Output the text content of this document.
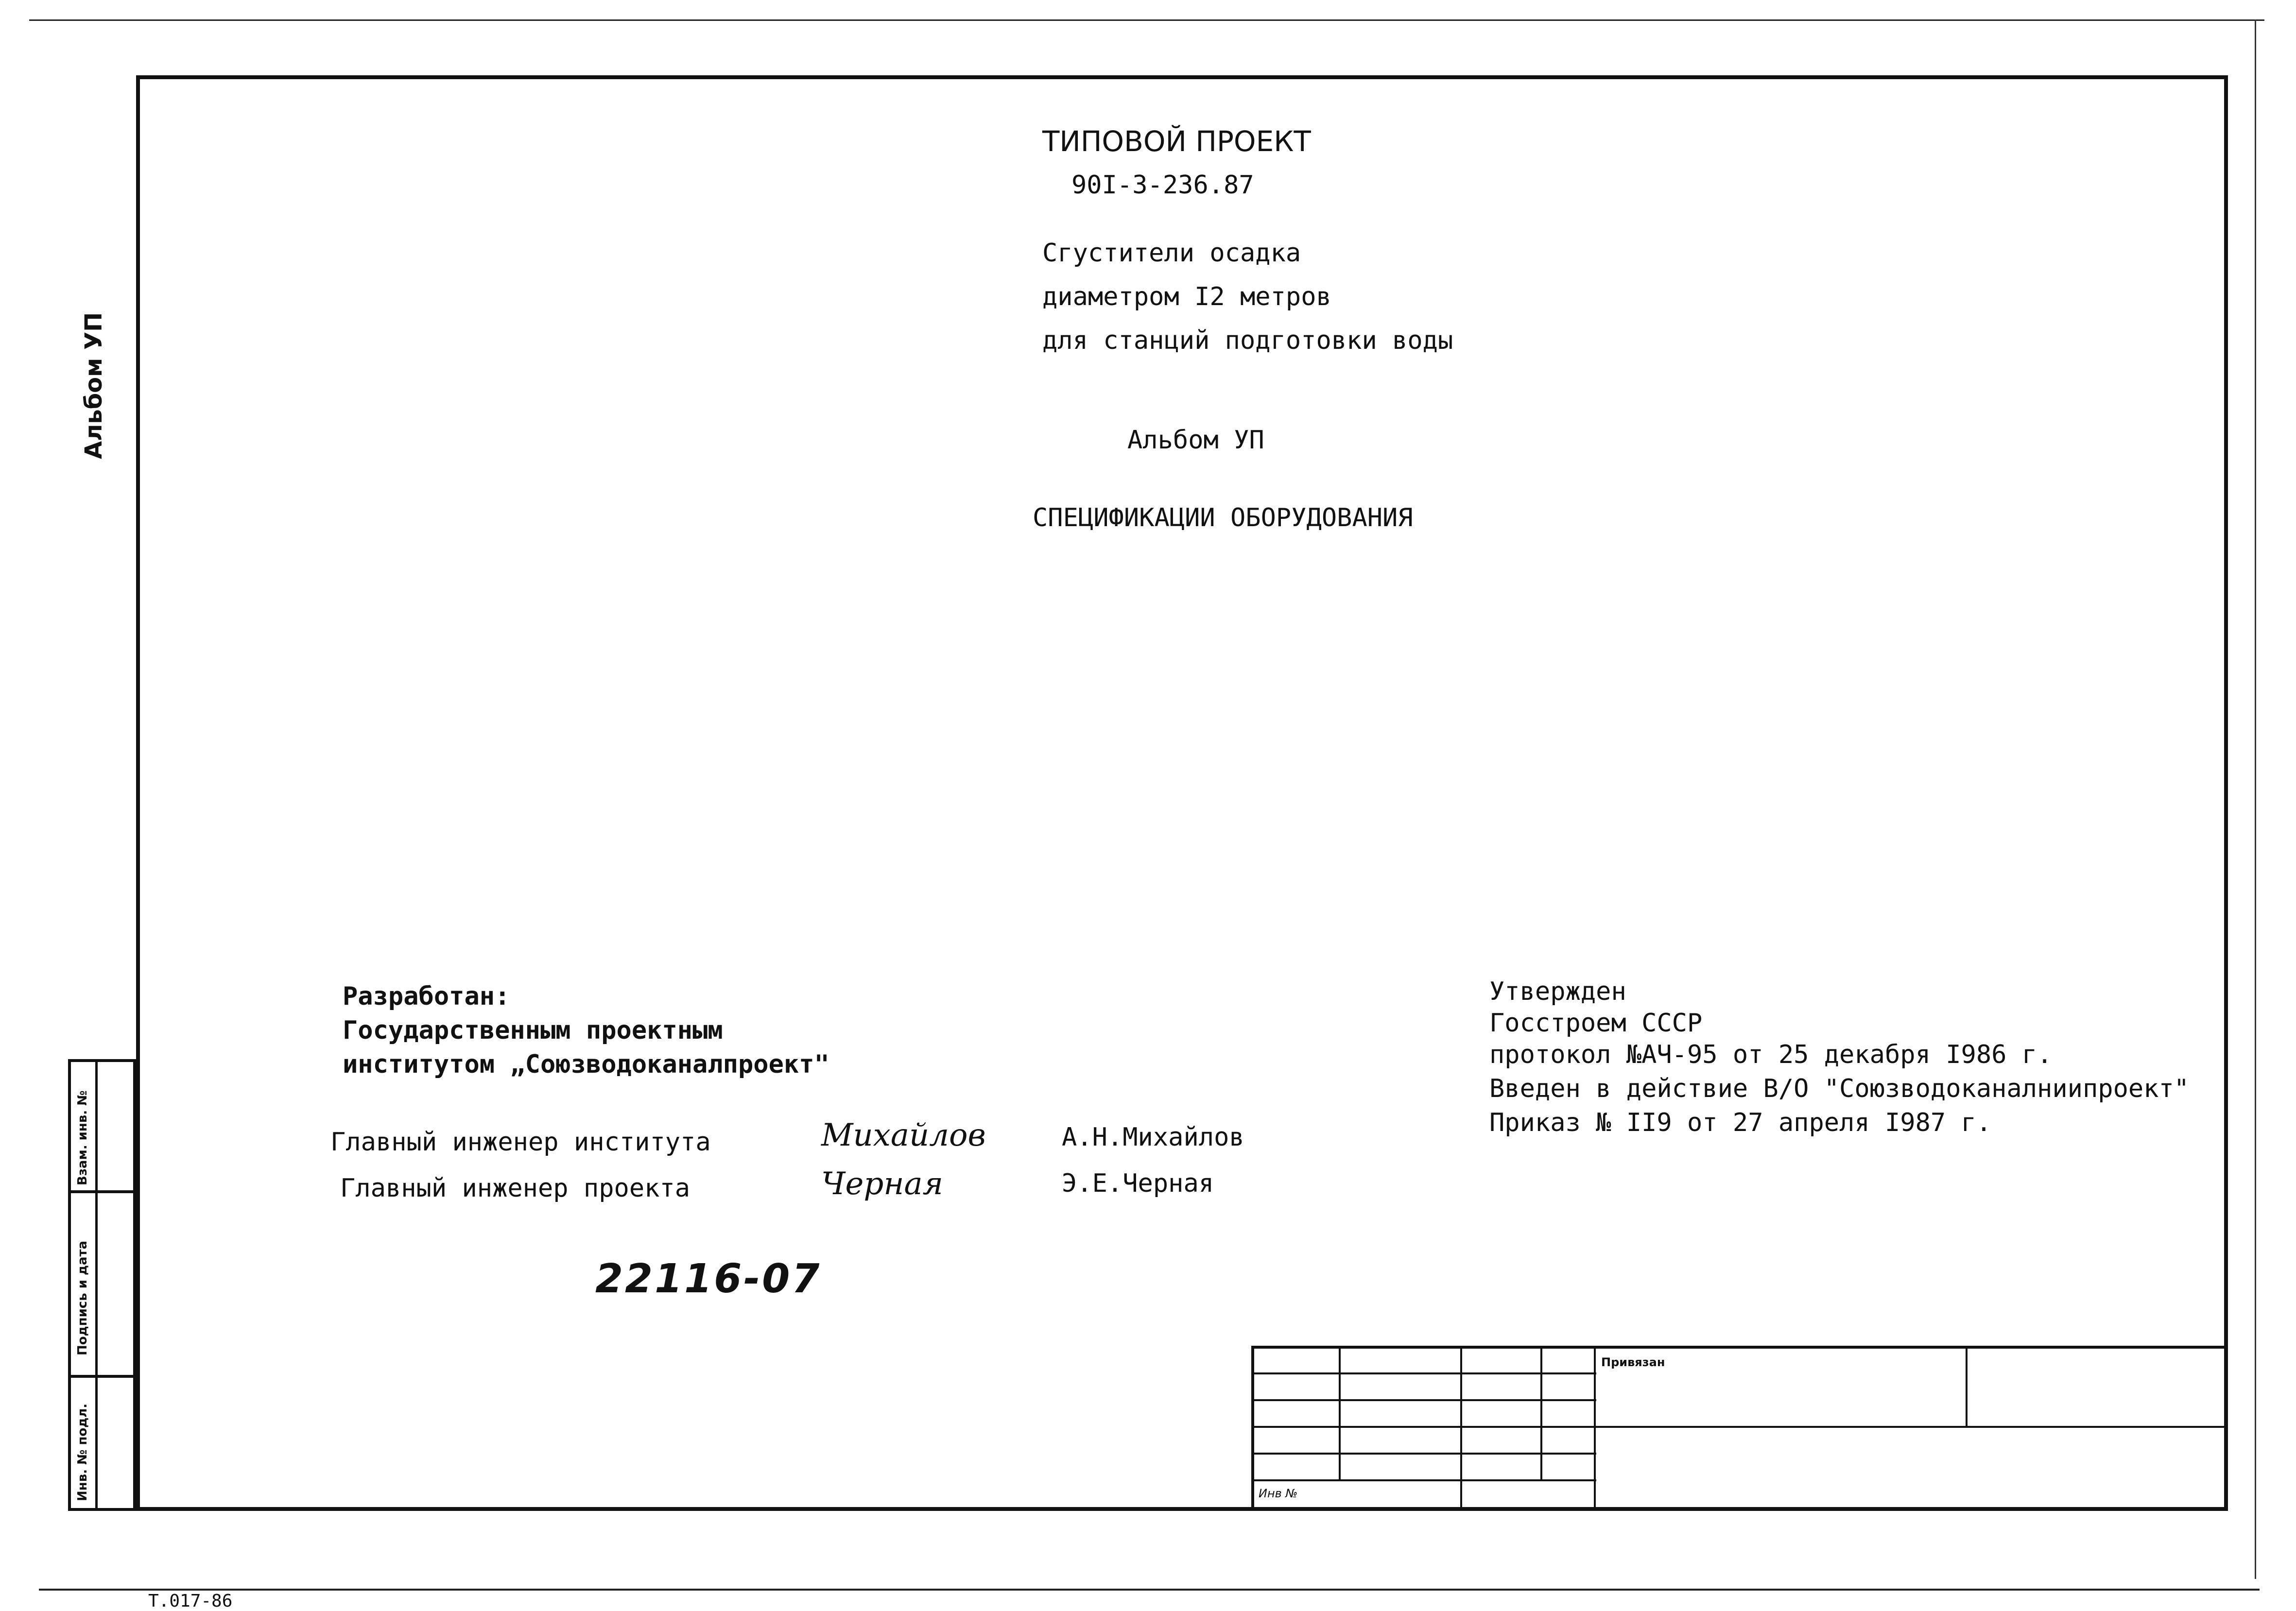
Альбом УП
Взам. инв. №
Подпись и дата
Инв. № подл.
ТИПОВОЙ ПРОЕКТ
90I-3-236.87
Сгустители осадка
диаметром I2 метров
для станций подготовки воды
Альбом УП
СПЕЦИФИКАЦИИ ОБОРУДОВАНИЯ
Разработан:
Государственным проектным
институтом „Союзводоканалпроект"
Утвержден
Госстроем СССР
протокол №АЧ-95 от 25 декабря I986 г.
Введен в действие В/О "Союзводоканалниипроект"
Приказ № II9 от 27 апреля I987 г.
Главный инженер института	Михайлов	А.Н.Михайлов
Главный инженер проекта	Черная	Э.Е.Черная
22116-07
Привязан
Инв №
Т.017-86
